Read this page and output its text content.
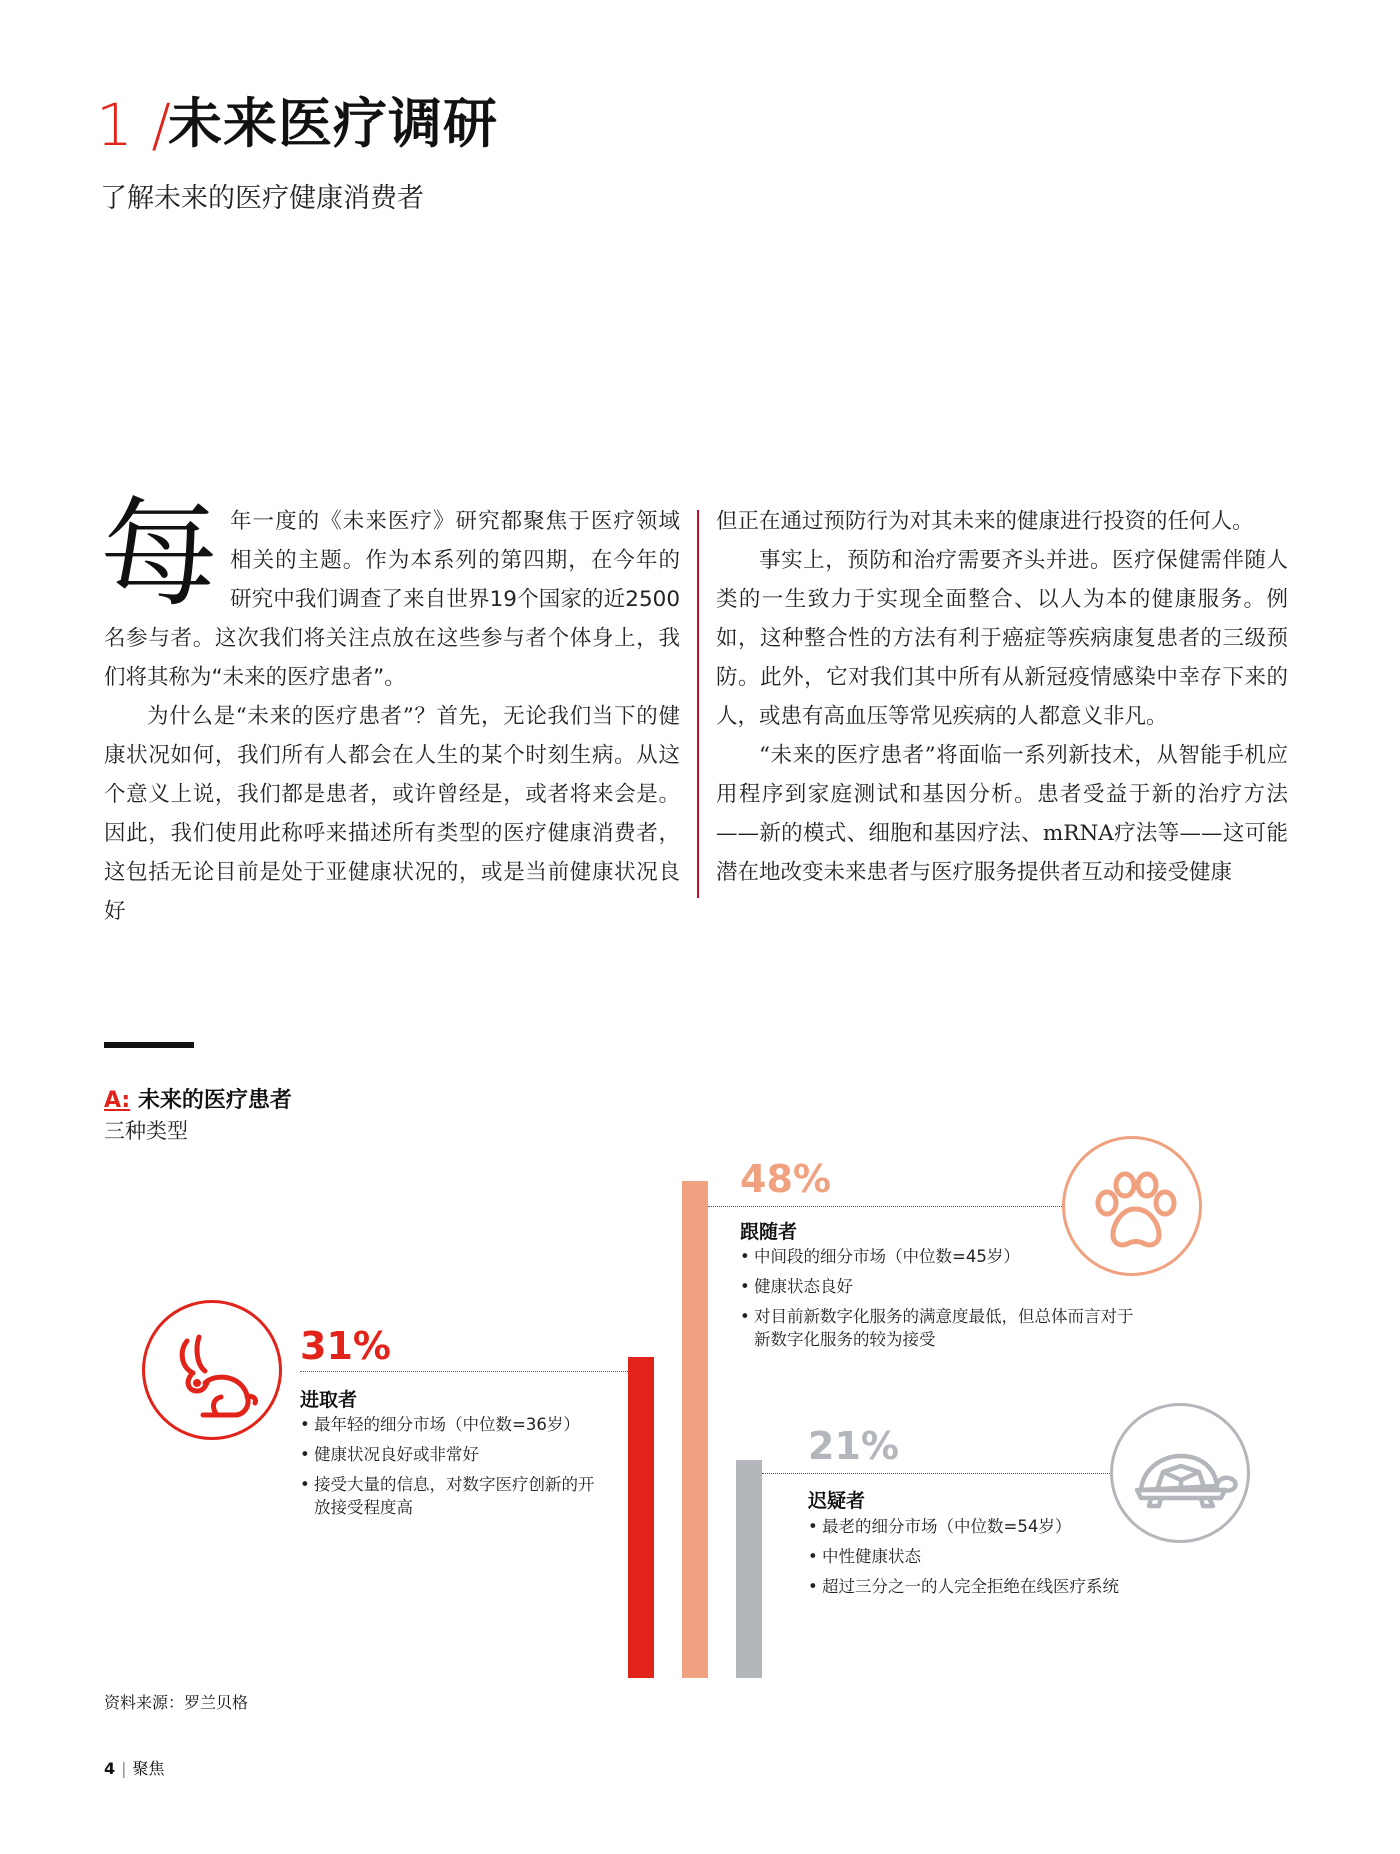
1 /
未来医疗调研
了解未来的医疗健康消费者

每年一度的《未来医疗》研究都聚焦于医疗领域相关的主题。作为本系列的第四期，在今年的研究中我们调查了来自世界19个国家的近2500名参与者。这次我们将关注点放在这些参与者个体身上，我们将其称为“未来的医疗患者”。

为什么是“未来的医疗患者”？首先，无论我们当下的健康状况如何，我们所有人都会在人生的某个时刻生病。从这个意义上说，我们都是患者，或许曾经是，或者将来会是。因此，我们使用此称呼来描述所有类型的医疗健康消费者，这包括无论目前是处于亚健康状况的，或是当前健康状况良好

但正在通过预防行为对其未来的健康进行投资的任何人。

事实上，预防和治疗需要齐头并进。医疗保健需伴随人类的一生致力于实现全面整合、以人为本的健康服务。例如，这种整合性的方法有利于癌症等疾病康复患者的三级预防。此外，它对我们其中所有从新冠疫情感染中幸存下来的人，或患有高血压等常见疾病的人都意义非凡。

“未来的医疗患者”将面临一系列新技术，从智能手机应用程序到家庭测试和基因分析。患者受益于新的治疗方法——新的模式、细胞和基因疗法、mRNA疗法等——这可能潜在地改变未来患者与医疗服务提供者互动和接受健康

A: 未来的医疗患者
三种类型
31%
进取者
• 最年轻的细分市场（中位数=36岁）
• 健康状况良好或非常好
• 接受大量的信息，对数字医疗创新的开放接受程度高
48%
跟随者
• 中间段的细分市场（中位数=45岁）
• 健康状态良好
• 对目前新数字化服务的满意度最低，但总体而言对于新数字化服务的较为接受
21%
迟疑者
• 最老的细分市场（中位数=54岁）
• 中性健康状态
• 超过三分之一的人完全拒绝在线医疗系统
资料来源：罗兰贝格
4 | 聚焦
